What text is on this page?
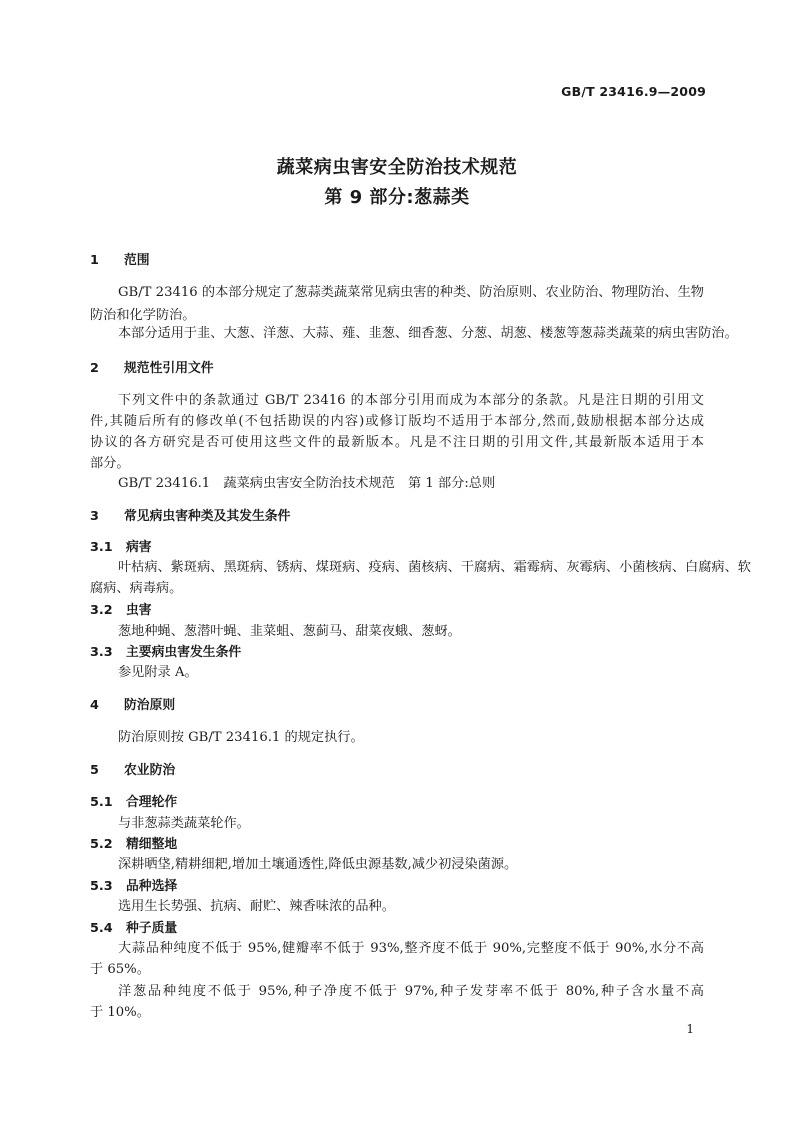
GB/T 23416.9—2009
蔬菜病虫害安全防治技术规范
第 9 部分:葱蒜类
1 范围
GB/T 23416 的本部分规定了葱蒜类蔬菜常见病虫害的种类、防治原则、农业防治、物理防治、生物
防治和化学防治。
本部分适用于韭、大葱、洋葱、大蒜、薤、韭葱、细香葱、分葱、胡葱、楼葱等葱蒜类蔬菜的病虫害防治。
2 规范性引用文件
下列文件中的条款通过 GB/T 23416 的本部分引用而成为本部分的条款。凡是注日期的引用文
件,其随后所有的修改单(不包括勘误的内容)或修订版均不适用于本部分,然而,鼓励根据本部分达成
协议的各方研究是否可使用这些文件的最新版本。凡是不注日期的引用文件,其最新版本适用于本
部分。
GB/T 23416.1　蔬菜病虫害安全防治技术规范　第 1 部分:总则
3 常见病虫害种类及其发生条件
3.1 病害
叶枯病、紫斑病、黑斑病、锈病、煤斑病、疫病、菌核病、干腐病、霜霉病、灰霉病、小菌核病、白腐病、软
腐病、病毒病。
3.2 虫害
葱地种蝇、葱潜叶蝇、韭菜蛆、葱蓟马、甜菜夜蛾、葱蚜。
3.3 主要病虫害发生条件
参见附录 A。
4 防治原则
防治原则按 GB/T 23416.1 的规定执行。
5 农业防治
5.1 合理轮作
与非葱蒜类蔬菜轮作。
5.2 精细整地
深耕晒垡,精耕细耙,增加土壤通透性,降低虫源基数,减少初浸染菌源。
5.3 品种选择
选用生长势强、抗病、耐贮、辣香味浓的品种。
5.4 种子质量
大蒜品种纯度不低于 95%,健瓣率不低于 93%,整齐度不低于 90%,完整度不低于 90%,水分不高
于 65%。
洋葱品种纯度不低于 95%,种子净度不低于 97%,种子发芽率不低于 80%,种子含水量不高
于 10%。
1
